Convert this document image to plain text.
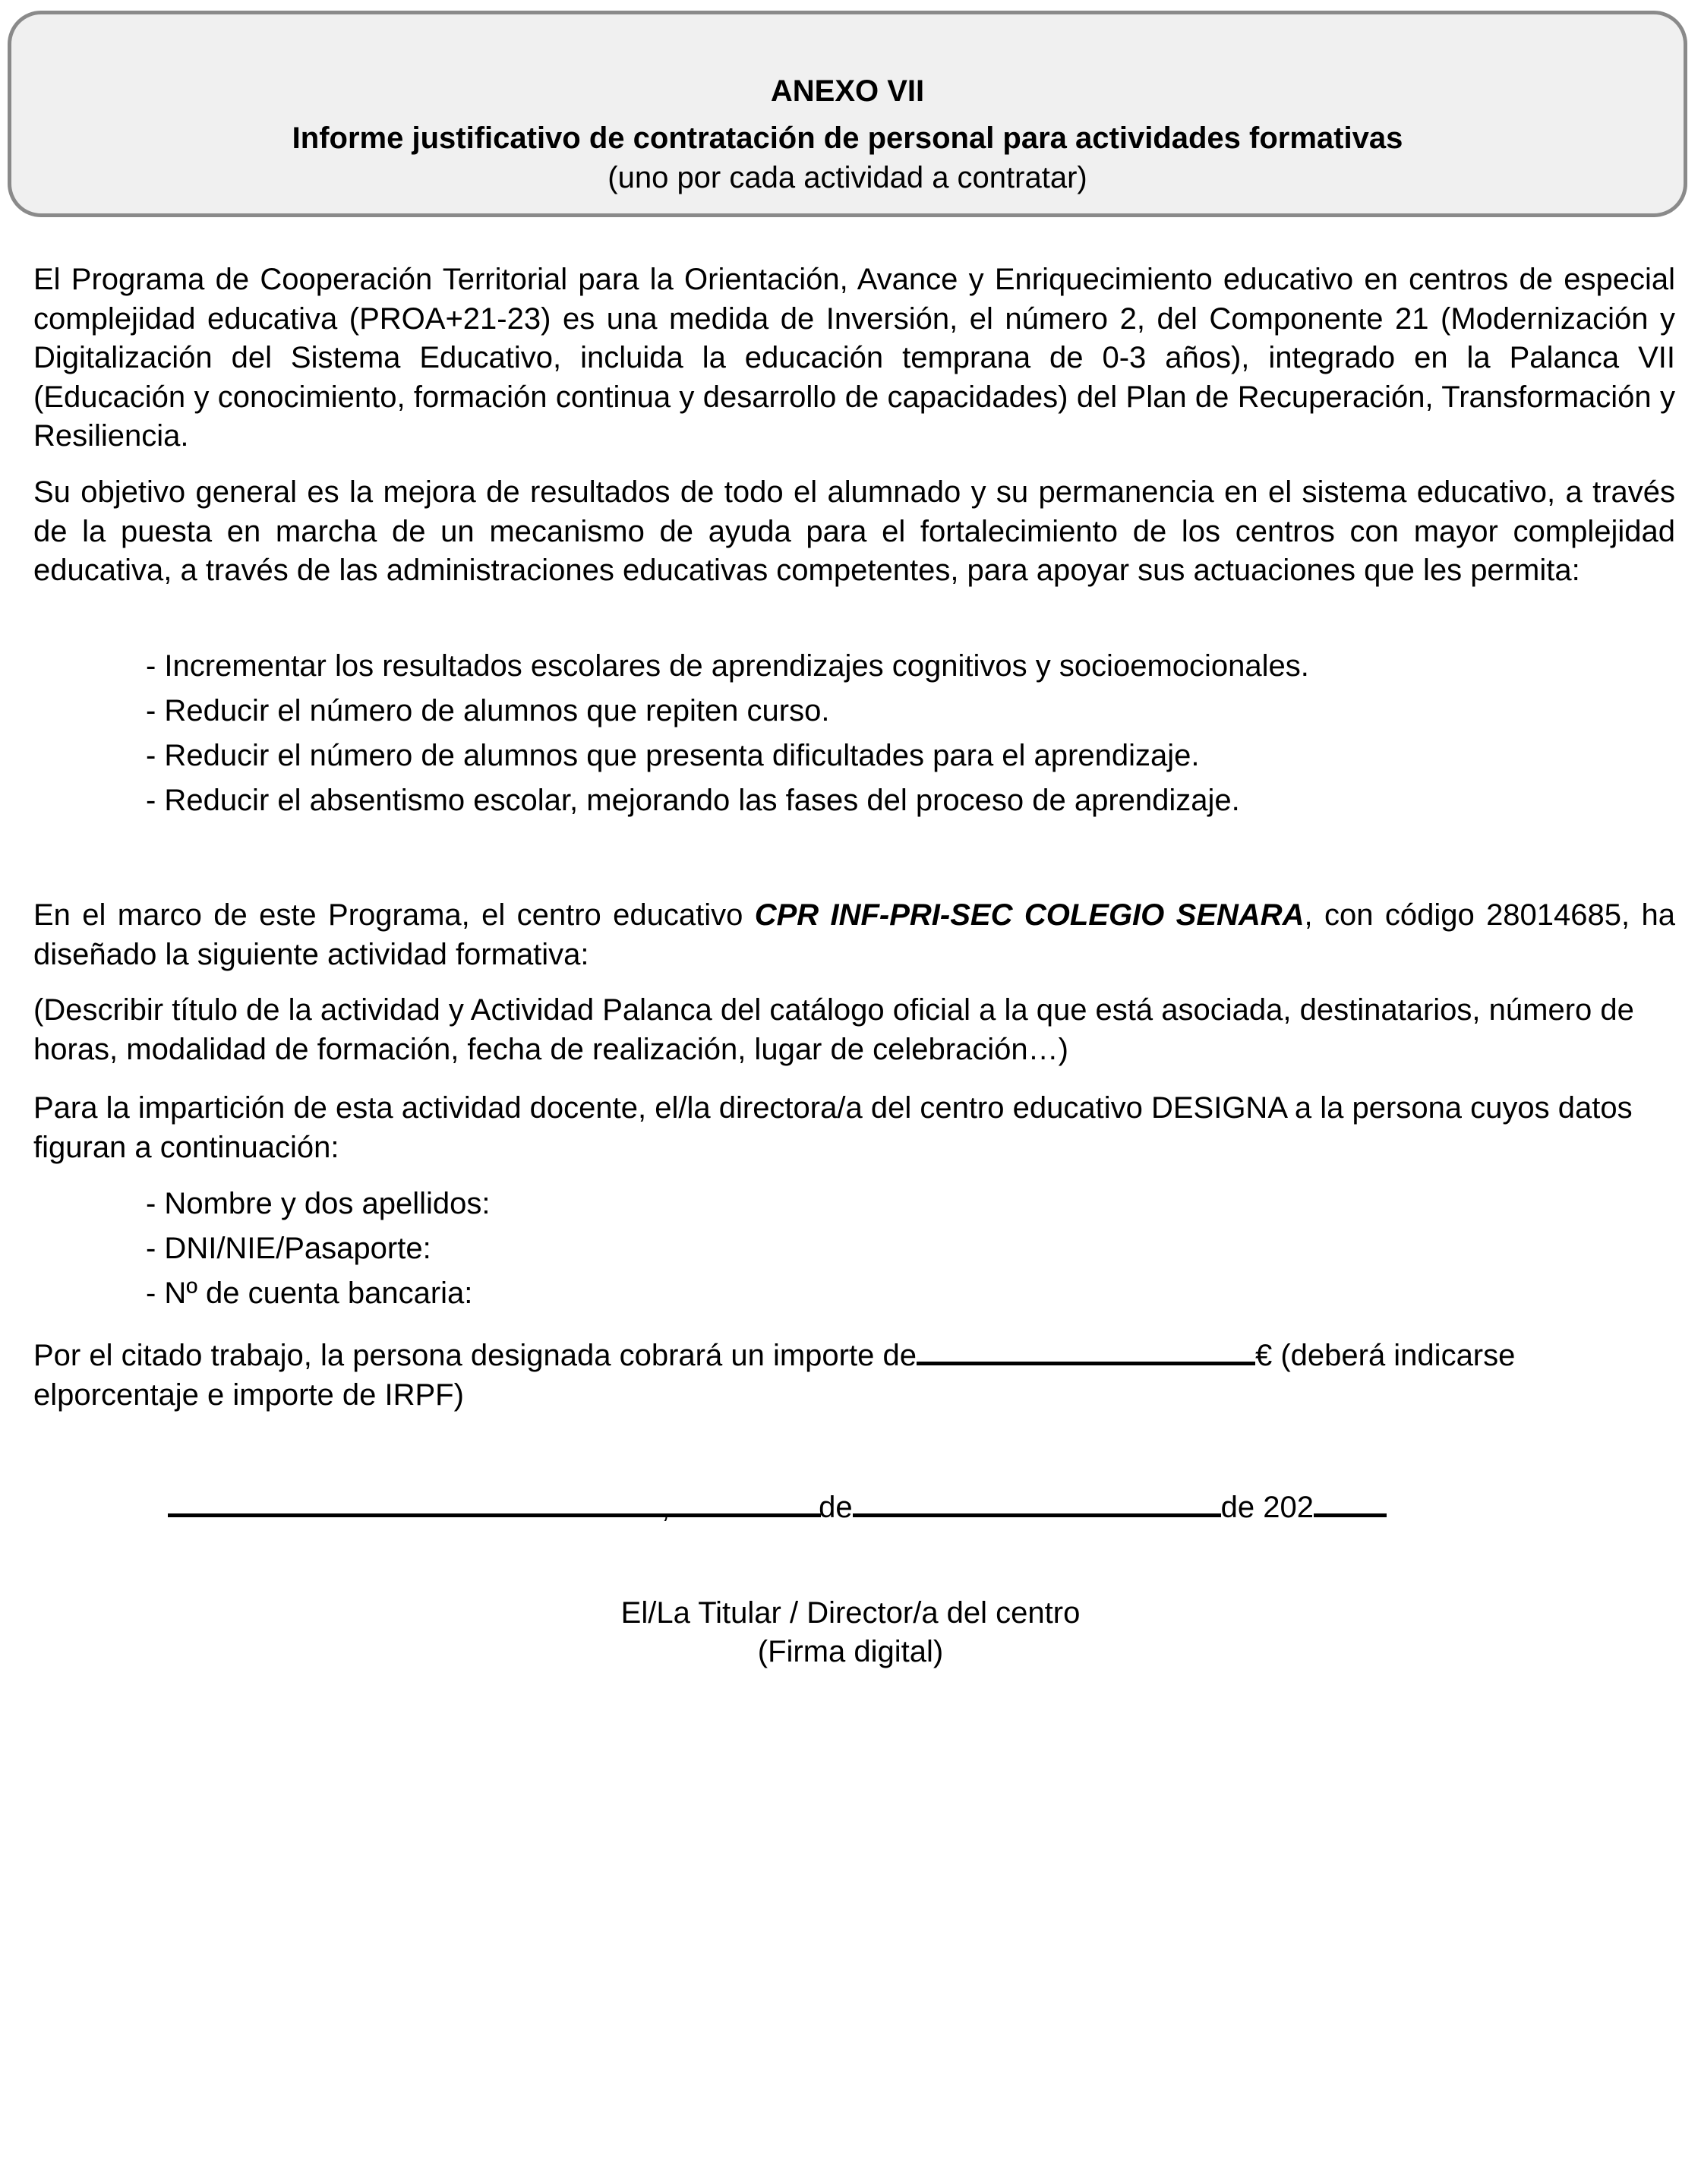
ANEXO VII
Informe justificativo de contratación de personal para actividades formativas
(uno por cada actividad a contratar)

El Programa de Cooperación Territorial para la Orientación, Avance y Enriquecimiento educativo en centros de especial complejidad educativa (PROA+21-23) es una medida de Inversión, el número 2, del Componente 21 (Modernización y Digitalización del Sistema Educativo, incluida la educación temprana de 0-3 años), integrado en la Palanca VII (Educación y conocimiento, formación continua y desarrollo de capacidades) del Plan de Recuperación, Transformación y Resiliencia.

Su objetivo general es la mejora de resultados de todo el alumnado y su permanencia en el sistema educativo, a través de la puesta en marcha de un mecanismo de ayuda para el fortalecimiento de los centros con mayor complejidad educativa, a través de las administraciones educativas competentes, para apoyar sus actuaciones que les permita:

- Incrementar los resultados escolares de aprendizajes cognitivos y socioemocionales.
- Reducir el número de alumnos que repiten curso.
- Reducir el número de alumnos que presenta dificultades para el aprendizaje.
- Reducir el absentismo escolar, mejorando las fases del proceso de aprendizaje.

En el marco de este Programa, el centro educativo CPR INF-PRI-SEC COLEGIO SENARA, con código 28014685, ha diseñado la siguiente actividad formativa:

(Describir título de la actividad y Actividad Palanca del catálogo oficial a la que está asociada, destinatarios, número de horas, modalidad de formación, fecha de realización, lugar de celebración…)

Para la impartición de esta actividad docente, el/la directora/a del centro educativo DESIGNA a la persona cuyos datos figuran a continuación:

- Nombre y dos apellidos:
- DNI/NIE/Pasaporte:
- Nº de cuenta bancaria:

Por el citado trabajo, la persona designada cobrará un importe de	€ (deberá indicarse elporcentaje e importe de IRPF)

,	de	de 202
El/La Titular / Director/a del centro
(Firma digital)
